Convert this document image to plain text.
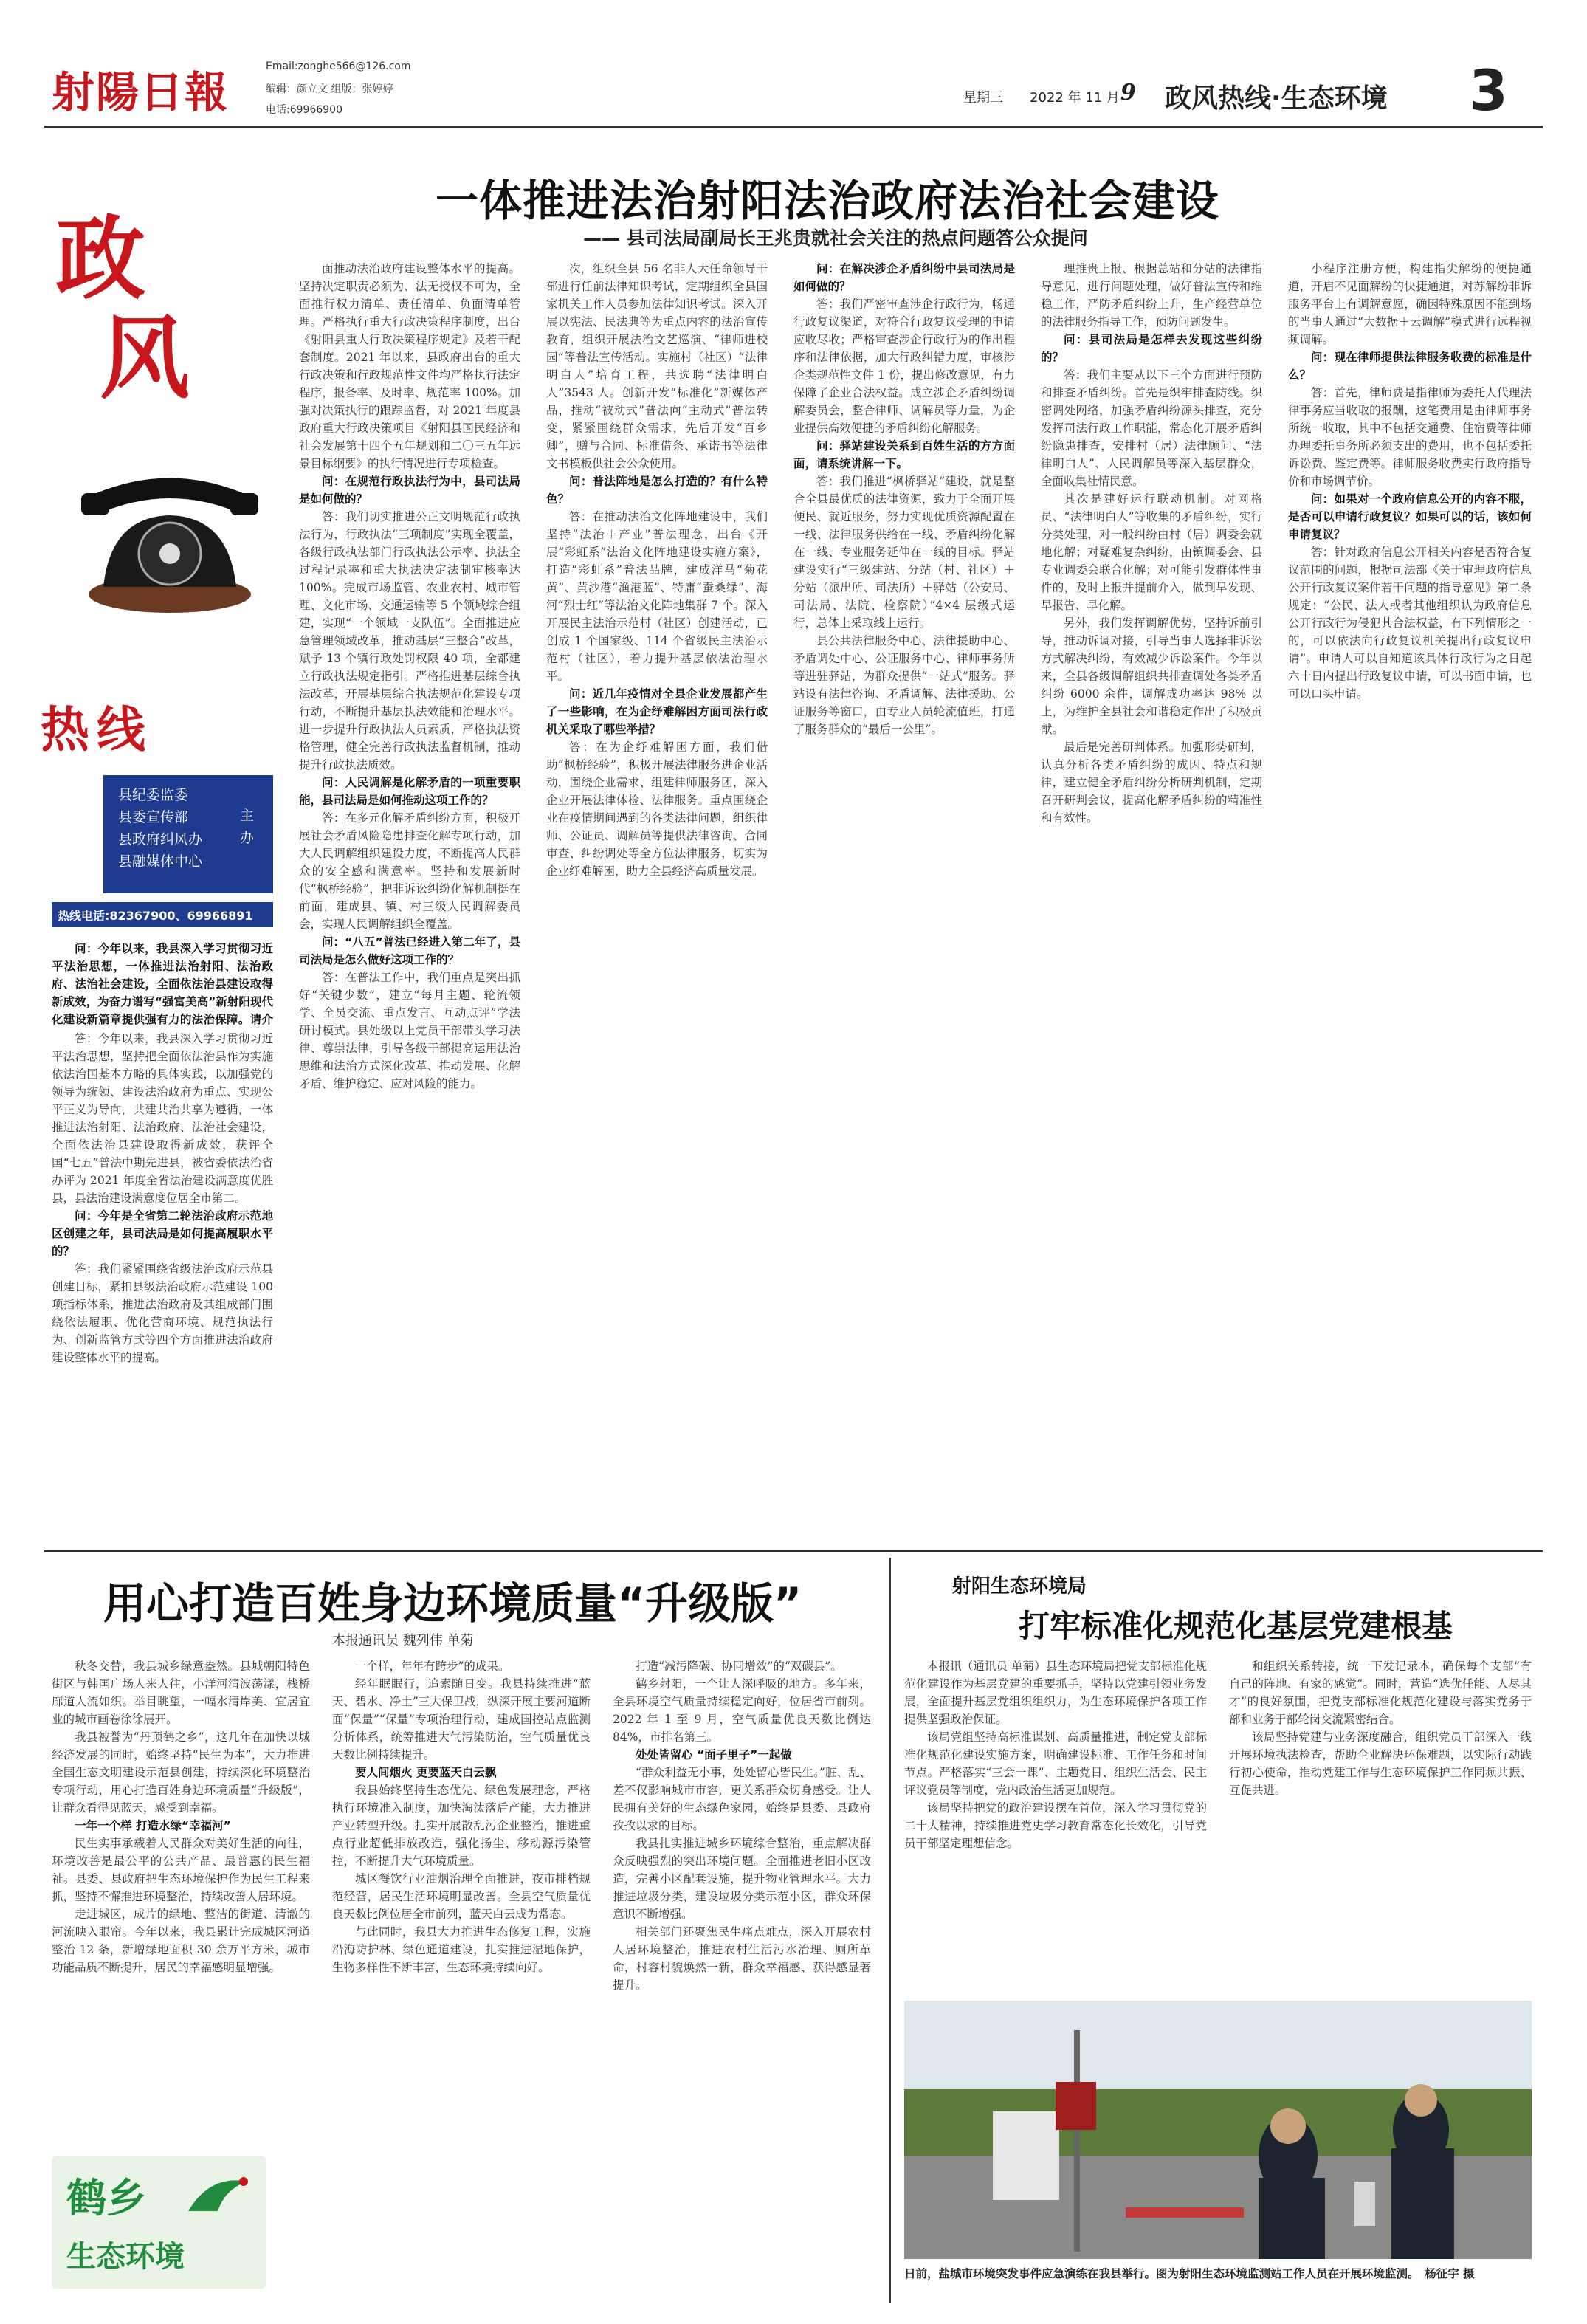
射陽日報
Email:zonghe566@126.com
编辑：颜立文 组版：张婷婷
电话:69966900
星期三 2022 年 11 月 9 政风热线·生态环境 3
政
风
热线
县纪委监委
县委宣传部
县政府纠风办
县融媒体中心
主办
热线电话:82367900、69966891

问：今年以来，我县深入学习贯彻习近平法治思想，一体推进法治射阳、法治政府、法治社会建设，全面依法治县建设取得新成效，为奋力谱写“强富美高”新射阳现代化建设新篇章提供强有力的法治保障。请介

一体推进法治射阳法治政府法治社会建设
—— 县司法局副局长王兆贵就社会关注的热点问题答公众提问

答：今年以来，我县深入学习贯彻习近平法治思想，坚持把全面依法治县作为实施依法治国基本方略的具体实践，以加强党的领导为统领、建设法治政府为重点、实现公平正义为导向，共建共治共享为遵循，一体推进法治射阳、法治政府、法治社会建设，全面依法治县建设取得新成效，获评全国“七五”普法中期先进县，被省委依法治省办评为 2021 年度全省法治建设满意度优胜县，县法治建设满意度位居全市第二。

问：今年是全省第二轮法治政府示范地区创建之年，县司法局是如何提高履职水平的？

答：我们紧紧围绕省级法治政府示范县创建目标，紧扣县级法治政府示范建设 100 项指标体系，推进法治政府及其组成部门围绕依法履职、优化营商环境、规范执法行为、创新监管方式等四个方面推进法治政府建设整体水平的提高。

面推动法治政府建设整体水平的提高。坚持决定职责必须为、法无授权不可为，全面推行权力清单、责任清单、负面清单管理。严格执行重大行政决策程序制度，出台《射阳县重大行政决策程序规定》及若干配套制度。2021 年以来，县政府出台的重大行政决策和行政规范性文件均严格执行法定程序，报备率、及时率、规范率 100%。加强对决策执行的跟踪监督，对 2021 年度县政府重大行政决策项目《射阳县国民经济和社会发展第十四个五年规划和二〇三五年远景目标纲要》的执行情况进行专项检查。

问：在规范行政执法行为中，县司法局是如何做的？

答：我们切实推进公正文明规范行政执法行为，行政执法“三项制度”实现全覆盖，各级行政执法部门行政执法公示率、执法全过程记录率和重大执法决定法制审核率达 100%。完成市场监管、农业农村、城市管理、文化市场、交通运输等 5 个领域综合组建，实现“一个领域一支队伍”。全面推进应急管理领域改革，推动基层“三整合”改革，赋予 13 个镇行政处罚权限 40 项，全都建立行政执法规定指引。严格推进基层综合执法改革，开展基层综合执法规范化建设专项行动，不断提升基层执法效能和治理水平。进一步提升行政执法人员素质，严格执法资格管理，健全完善行政执法监督机制，推动提升行政执法质效。

问：人民调解是化解矛盾的一项重要职能，县司法局是如何推动这项工作的？

答：在多元化解矛盾纠纷方面，积极开展社会矛盾风险隐患排查化解专项行动，加大人民调解组织建设力度，不断提高人民群众的安全感和满意率。坚持和发展新时代“枫桥经验”，把非诉讼纠纷化解机制挺在前面，建成县、镇、村三级人民调解委员会，实现人民调解组织全覆盖。

问：“八五”普法已经进入第二年了，县司法局是怎么做好这项工作的？

答：在普法工作中，我们重点是突出抓好“关键少数”，建立“每月主题、轮流领学、全员交流、重点发言、互动点评”学法研讨模式。县处级以上党员干部带头学习法律、尊崇法律，引导各级干部提高运用法治思维和法治方式深化改革、推动发展、化解矛盾、维护稳定、应对风险的能力。

次，组织全县 56 名非人大任命领导干部进行任前法律知识考试，定期组织全县国家机关工作人员参加法律知识考试。深入开展以宪法、民法典等为重点内容的法治宣传教育，组织开展法治文艺巡演、“律师进校园”等普法宣传活动。实施村（社区）“法律明白人”培育工程，共选聘“法律明白人”3543 人。创新开发“标准化”新媒体产品，推动“被动式”普法向“主动式”普法转变，紧紧围绕群众需求，先后开发“百乡卿”，赠与合同、标准借条、承诺书等法律文书模板供社会公众使用。

问：普法阵地是怎么打造的？有什么特色？

答：在推动法治文化阵地建设中，我们坚持“法治＋产业”普法理念，出台《开展“彩虹系”法治文化阵地建设实施方案》，打造“彩虹系”普法品牌，建成洋马“菊花黄”、黄沙港“渔港蓝”、特庸“蚕桑绿”、海河“烈士红”等法治文化阵地集群 7 个。深入开展民主法治示范村（社区）创建活动，已创成 1 个国家级、114 个省级民主法治示范村（社区），着力提升基层依法治理水平。

问：近几年疫情对全县企业发展都产生了一些影响，在为企纾难解困方面司法行政机关采取了哪些举措？

答：在为企纾难解困方面，我们借助“枫桥经验”，积极开展法律服务进企业活动，围绕企业需求、组建律师服务团，深入企业开展法律体检、法律服务。重点围绕企业在疫情期间遇到的各类法律问题，组织律师、公证员、调解员等提供法律咨询、合同审查、纠纷调处等全方位法律服务，切实为企业纾难解困，助力全县经济高质量发展。

问：在解决涉企矛盾纠纷中县司法局是如何做的？

答：我们严密审查涉企行政行为，畅通行政复议渠道，对符合行政复议受理的申请应收尽收；严格审查涉企行政行为的作出程序和法律依据，加大行政纠错力度，审核涉企类规范性文件 1 份，提出修改意见，有力保障了企业合法权益。成立涉企矛盾纠纷调解委员会，整合律师、调解员等力量，为企业提供高效便捷的矛盾纠纷化解服务。

问：驿站建设关系到百姓生活的方方面面，请系统讲解一下。

答：我们推进“枫桥驿站”建设，就是整合全县最优质的法律资源，致力于全面开展便民、就近服务，努力实现优质资源配置在一线、法律服务供给在一线、矛盾纠纷化解在一线、专业服务延伸在一线的目标。驿站建设实行“三级建站、分站（村、社区）＋分站（派出所、司法所）＋驿站（公安局、司法局、法院、检察院）”4×4 层级式运行，总体上采取线上运行。

县公共法律服务中心、法律援助中心、矛盾调处中心、公证服务中心、律师事务所等进驻驿站，为群众提供“一站式”服务。驿站设有法律咨询、矛盾调解、法律援助、公证服务等窗口，由专业人员轮流值班，打通了服务群众的“最后一公里”。

理推贵上报、根据总站和分站的法律指导意见，进行问题处理，做好普法宣传和维稳工作，严防矛盾纠纷上升，生产经营单位的法律服务指导工作，预防问题发生。

问：县司法局是怎样去发现这些纠纷的？

答：我们主要从以下三个方面进行预防和排查矛盾纠纷。首先是织牢排查防线。织密调处网络，加强矛盾纠纷源头排查，充分发挥司法行政工作职能，常态化开展矛盾纠纷隐患排查，安排村（居）法律顾问、“法律明白人”、人民调解员等深入基层群众，全面收集社情民意。

其次是建好运行联动机制。对网格员、“法律明白人”等收集的矛盾纠纷，实行分类处理，对一般纠纷由村（居）调委会就地化解；对疑难复杂纠纷，由镇调委会、县专业调委会联合化解；对可能引发群体性事件的，及时上报并提前介入，做到早发现、早报告、早化解。

另外，我们发挥调解优势，坚持诉前引导，推动诉调对接，引导当事人选择非诉讼方式解决纠纷，有效减少诉讼案件。今年以来，全县各级调解组织共排查调处各类矛盾纠纷 6000 余件，调解成功率达 98% 以上，为维护全县社会和谐稳定作出了积极贡献。

最后是完善研判体系。加强形势研判，认真分析各类矛盾纠纷的成因、特点和规律，建立健全矛盾纠纷分析研判机制，定期召开研判会议，提高化解矛盾纠纷的精准性和有效性。

小程序注册方便，构建指尖解纷的便捷通道，开启不见面解纷的快捷通道，对苏解纷非诉服务平台上有调解意愿，确因特殊原因不能到场的当事人通过“大数据＋云调解”模式进行远程视频调解。

问：现在律师提供法律服务收费的标准是什么？

答：首先，律师费是指律师为委托人代理法律事务应当收取的报酬，这笔费用是由律师事务所统一收取，其中不包括交通费、住宿费等律师办理委托事务所必须支出的费用，也不包括委托诉讼费、鉴定费等。律师服务收费实行政府指导价和市场调节价。

问：如果对一个政府信息公开的内容不服，是否可以申请行政复议？如果可以的话，该如何申请复议？

答：针对政府信息公开相关内容是否符合复议范围的问题，根据司法部《关于审理政府信息公开行政复议案件若干问题的指导意见》第二条规定：“公民、法人或者其他组织认为政府信息公开行政行为侵犯其合法权益，有下列情形之一的，可以依法向行政复议机关提出行政复议申请”。申请人可以自知道该具体行政行为之日起六十日内提出行政复议申请，可以书面申请，也可以口头申请。

用心打造百姓身边环境质量“升级版”
本报通讯员 魏列伟 单菊

秋冬交替，我县城乡绿意盎然。县城朝阳特色街区与韩国广场人来人往，小洋河清波荡漾，栈桥廊道人流如织。举目眺望，一幅水清岸美、宜居宜业的城市画卷徐徐展开。

我县被誉为“丹顶鹤之乡”，这几年在加快以城经济发展的同时，始终坚持“民生为本”，大力推进全国生态文明建设示范县创建，持续深化环境整治专项行动，用心打造百姓身边环境质量“升级版”，让群众看得见蓝天，感受到幸福。

一年一个样 打造水绿“幸福河”

民生实事承载着人民群众对美好生活的向往，环境改善是最公平的公共产品、最普惠的民生福祉。县委、县政府把生态环境保护作为民生工程来抓，坚持不懈推进环境整治，持续改善人居环境。

走进城区，成片的绿地、整洁的街道、清澈的河流映入眼帘。今年以来，我县累计完成城区河道整治 12 条，新增绿地面积 30 余万平方米，城市功能品质不断提升，居民的幸福感明显增强。

一个样，年年有跨步”的成果。

经年眠眠行，追索随日变。我县持续推进“蓝天、碧水、净土”三大保卫战，纵深开展主要河道断面“保量”“保量”专项治理行动，建成国控站点监测分析体系，统筹推进大气污染防治，空气质量优良天数比例持续提升。

要人间烟火 更要蓝天白云飘

我县始终坚持生态优先、绿色发展理念，严格执行环境准入制度，加快淘汰落后产能，大力推进产业转型升级。扎实开展散乱污企业整治，推进重点行业超低排放改造，强化扬尘、移动源污染管控，不断提升大气环境质量。

城区餐饮行业油烟治理全面推进，夜市排档规范经营，居民生活环境明显改善。全县空气质量优良天数比例位居全市前列，蓝天白云成为常态。

与此同时，我县大力推进生态修复工程，实施沿海防护林、绿色通道建设，扎实推进湿地保护，生物多样性不断丰富，生态环境持续向好。

打造“减污降碳、协同增效”的“双碳县”。

鹤乡射阳，一个让人深呼吸的地方。多年来，全县环境空气质量持续稳定向好，位居省市前列。2022 年 1 至 9 月，空气质量优良天数比例达 84%，市排名第三。

处处皆留心 “面子里子”一起做

“群众利益无小事，处处留心皆民生。”脏、乱、差不仅影响城市市容，更关系群众切身感受。让人民拥有美好的生态绿色家园，始终是县委、县政府孜孜以求的目标。

我县扎实推进城乡环境综合整治，重点解决群众反映强烈的突出环境问题。全面推进老旧小区改造，完善小区配套设施，提升物业管理水平。大力推进垃圾分类，建设垃圾分类示范小区，群众环保意识不断增强。

相关部门还聚焦民生痛点难点，深入开展农村人居环境整治，推进农村生活污水治理、厕所革命，村容村貌焕然一新，群众幸福感、获得感显著提升。

鹤乡
生态环境
射阳生态环境局
打牢标准化规范化基层党建根基

本报讯（通讯员 单菊）县生态环境局把党支部标准化规范化建设作为基层党建的重要抓手，坚持以党建引领业务发展，全面提升基层党组织组织力，为生态环境保护各项工作提供坚强政治保证。

该局党组坚持高标准谋划、高质量推进，制定党支部标准化规范化建设实施方案，明确建设标准、工作任务和时间节点。严格落实“三会一课”、主题党日、组织生活会、民主评议党员等制度，党内政治生活更加规范。

该局坚持把党的政治建设摆在首位，深入学习贯彻党的二十大精神，持续推进党史学习教育常态化长效化，引导党员干部坚定理想信念。

和组织关系转接，统一下发记录本，确保每个支部“有自己的阵地、有家的感觉”。同时，营造“选优任能、人尽其才”的良好氛围，把党支部标准化规范化建设与落实党务于部和业务于部轮岗交流紧密结合。

该局坚持党建与业务深度融合，组织党员干部深入一线开展环境执法检查，帮助企业解决环保难题，以实际行动践行初心使命，推动党建工作与生态环境保护工作同频共振、互促共进。

日前，盐城市环境突发事件应急演练在我县举行。图为射阳生态环境监测站工作人员在开展环境监测。　 杨征宇 摄
